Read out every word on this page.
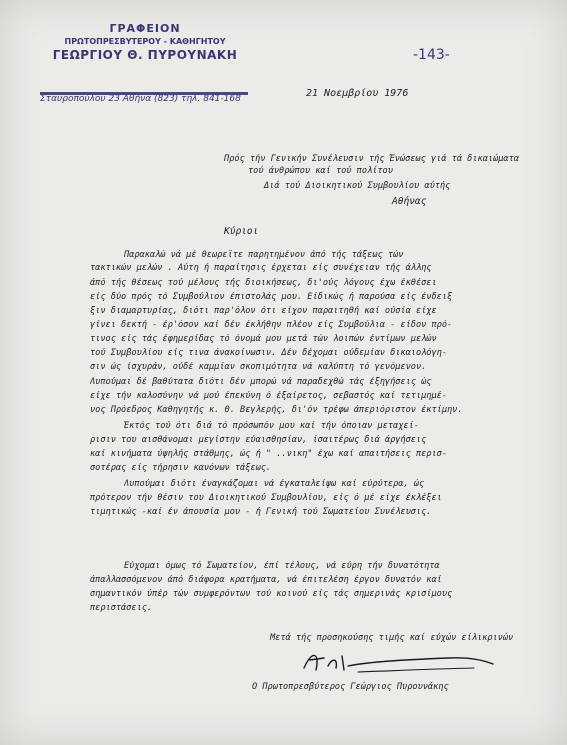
ΓΡΑΦΕΙΟΝ
ΠΡΩΤΟΠΡΕΣΒΥΤΕΡΟΥ - ΚΑΘΗΓΗΤΟΥ
ΓΕΩΡΓΙΟΥ Θ. ΠΥΡΟΥΝΑΚΗ
Σταυροπούλου 23 Αθήνα (823) τηλ. 841-168
-143-
21 Νοεμβρίου 1976
Πρός τήν Γενικήν Συνέλευσιν τής Ένώσεως γιά τά δικαιώματα
τού άνθρώπου καί τού πολίτου
Διά τού Διοικητικού Συμβουλίου αύτής
Αθήνας
Κύριοι
Παρακαλώ νά μέ θεωρεΐτε παρητημένον άπό τής τάξεως τών
τακτικών μελών . Αύτη ή παραίτησις έρχεται είς συνέχειαν τής άλλης
άπό τής θέσεως τού μέλους τής διοικήσεως, δι'ούς λόγους έχω έκθέσει
είς δύο πρός τό Συμβούλιον έπιστολάς μου. Είδικώς ή παρούσα είς ένδειξ
ξιν διαμαρτυρίας, διότι παρ'όλον ότι είχον παραιτηθή καί ούσία είχε
γίνει δεκτή - έρ'όσον καί δέν έκλήθην πλέον είς Συμβούλια - είδον πρό-
τινος είς τάς έφημερίδας τό όνομά μου μετά τών λοιπών έντίμων μελών
τού Συμβουλίου είς τινα άνακοίνωσιν. Δέν δέχομαι ούδεμίαν δικαιολόγη-
σιν ώς ίσχυράν, ούδέ καμμίαν σκοπιμότητα νά καλύπτη τό γενόμενον.
Λυπούμαι δέ βαθύτατα διότι δέν μπορώ νά παραδεχθώ τάς έξηγήσεις ώς
είχε τήν καλοσύνην νά μού έπεκύνη ό έξαίρετος, σεβαστός καί τετιμημέ-
νος Πρόεδρος Καθηγητής κ. Θ. Βεγλερής, δι'όν τρέφω άπεριόριστον έκτίμην.
Έκτός τού ότι διά τό πρόσωπόν μου καί τήν όποιαν μεταχεί-
ρισιν του αισθάνομαι μεγίστην εύαισθησίαν, ίσαιτέρως διά άργήσεις
καί κινήματα ύψηλής στάθμης, ώς ή " ..νικη" έχω καί απαιτήσεις περισ-
σοτέρας είς τήρησιν κανόνων τάξεως.
Λυπούμαι διότι έναγκάζομαι νά έγκαταλείψω καί εύρύτερα, ώς
πρότερον τήν θέσιν του Διοικητικού Συμβουλίου, είς ό μέ είχε έκλέξει
τιμητικώς -καί έν άπουσία μου - ή Γενική τού Σωματείου Συνέλευσις.
Εύχομαι όμως τό Σωματείον, έπί τέλους, νά εύρη τήν δυνατότητα
άπαλλασσόμενον άπό διάφορα κρατήματα, νά έπιτελέση έργον δυνατόν καί
σημαντικόν ύπέρ τών συμφερόντων τού κοινού είς τάς σημερινάς κρισίμους
περιστάσεις.
Μετά τής προσηκούσης τιμής καί εύχών είλικρινών
Ο Πρωτοπρεσβύτερος Γεώργιος Πυρουνάκης
